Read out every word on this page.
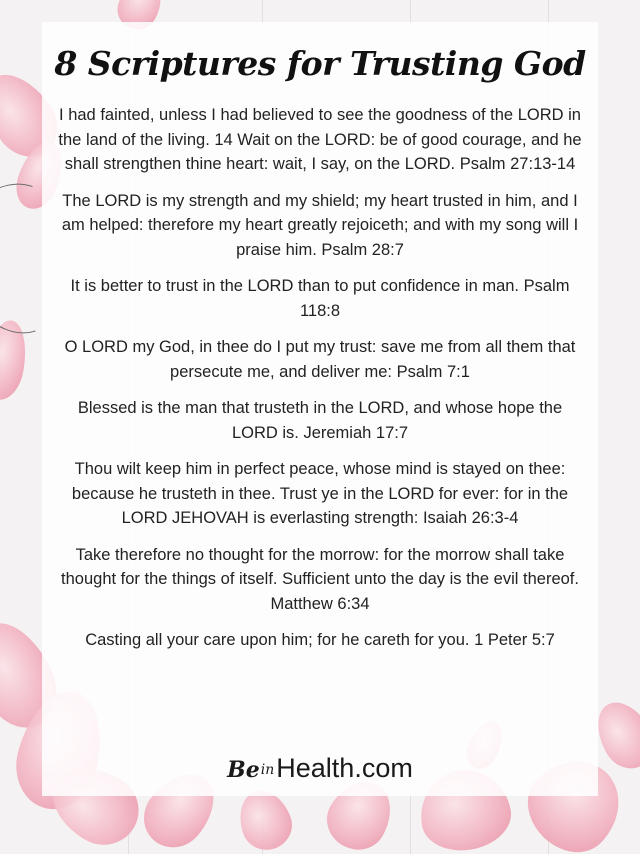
8 Scriptures for Trusting God

I had fainted, unless I had believed to see the goodness of the LORD in the land of the living. 14 Wait on the LORD: be of good courage, and he shall strengthen thine heart: wait, I say, on the LORD. Psalm 27:13-14

The LORD is my strength and my shield; my heart trusted in him, and I am helped: therefore my heart greatly rejoiceth; and with my song will I praise him. Psalm 28:7

It is better to trust in the LORD than to put confidence in man. Psalm 118:8

O LORD my God, in thee do I put my trust: save me from all them that persecute me, and deliver me: Psalm 7:1

Blessed is the man that trusteth in the LORD, and whose hope the LORD is. Jeremiah 17:7

Thou wilt keep him in perfect peace, whose mind is stayed on thee: because he trusteth in thee. Trust ye in the LORD for ever: for in the LORD JEHOVAH is everlasting strength: Isaiah 26:3-4

Take therefore no thought for the morrow: for the morrow shall take thought for the things of itself. Sufficient unto the day is the evil thereof. Matthew 6:34

Casting all your care upon him; for he careth for you. 1 Peter 5:7

BeinHealth.com
